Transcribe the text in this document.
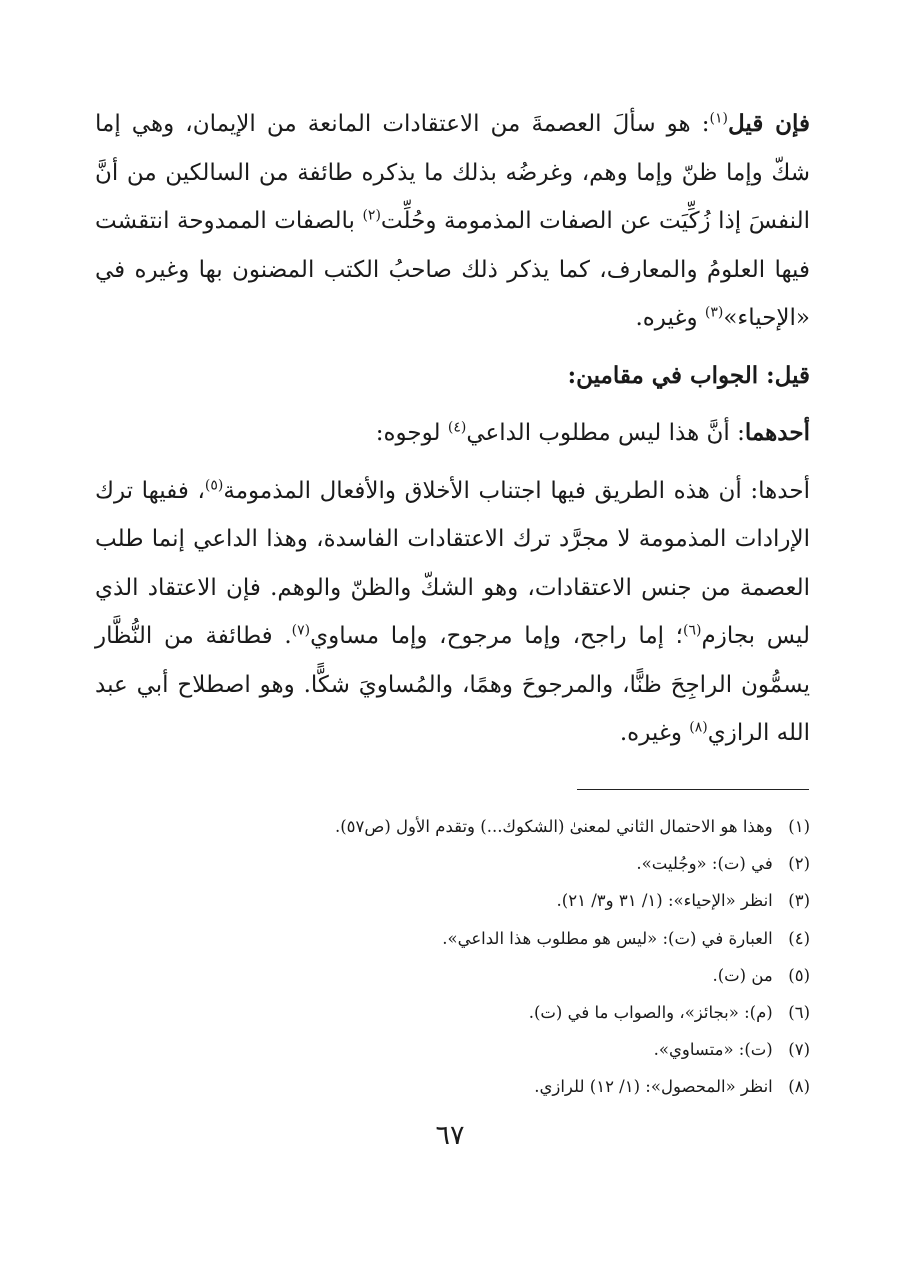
فإن قيل$^{(١)}$: هو سألَ العصمةَ من الاعتقادات المانعة من الإيمان، وهي إما شكّ وإما ظنّ وإما وهم، وغرضُه بذلك ما يذكره طائفة من السالكين من أنَّ النفسَ إذا زُكِّيَت عن الصفات المذمومة وحُلِّت$^{(٢)}$ بالصفات الممدوحة انتقشت فيها العلومُ والمعارف، كما يذكر ذلك صاحبُ الكتب المضنون بها وغيره في «الإحياء»$^{(٣)}$ وغيره.

قيل: الجواب في مقامين:

أحدهما: أنَّ هذا ليس مطلوب الداعي$^{(٤)}$ لوجوه:

أحدها: أن هذه الطريق فيها اجتناب الأخلاق والأفعال المذمومة$^{(٥)}$، ففيها ترك الإرادات المذمومة لا مجرَّد ترك الاعتقادات الفاسدة، وهذا الداعي إنما طلب العصمة من جنس الاعتقادات، وهو الشكّ والظنّ والوهم. فإن الاعتقاد الذي ليس بجازم$^{(٦)}$؛ إما راجح، وإما مرجوح، وإما مساوي$^{(٧)}$. فطائفة من النُّظَّار يسمُّون الراجِحَ ظنًّا، والمرجوحَ وهمًا، والمُساويَ شكًّا. وهو اصطلاح أبي عبد الله الرازي$^{(٨)}$ وغيره.

(١) وهذا هو الاحتمال الثاني لمعنىٰ (الشكوك...) وتقدم الأول (ص٥٧).
(٢) في (ت): «وجُليت».
(٣) انظر «الإحياء»: (١/ ٣١ و٣/ ٢١).
(٤) العبارة في (ت): «ليس هو مطلوب هذا الداعي».
(٥) من (ت).
(٦) (م): «بجائز»، والصواب ما في (ت).
(٧) (ت): «متساوي».
(٨) انظر «المحصول»: (١/ ١٢) للرازي.
٦٧
